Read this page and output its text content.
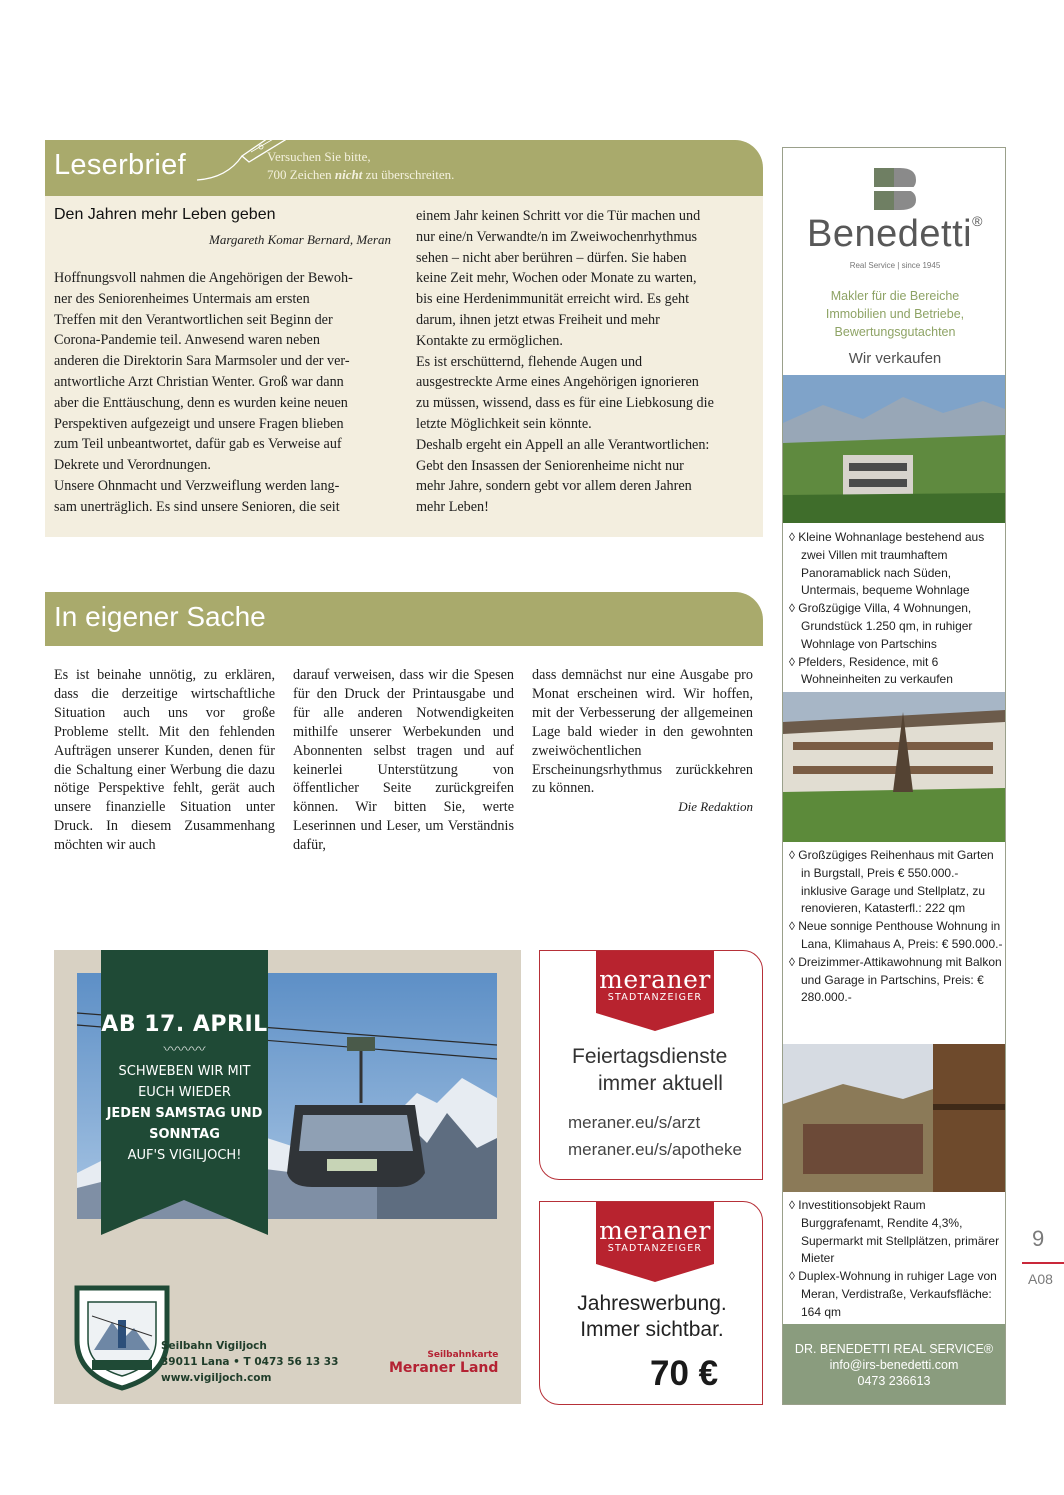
Leserbrief	Versuchen Sie bitte,
700 Zeichen nicht zu überschreiten.
Den Jahren mehr Leben geben
Margareth Komar Bernard, Meran
Hoffnungsvoll nahmen die Angehörigen der Bewoh-
ner des Seniorenheimes Untermais am ersten
Treffen mit den Verantwortlichen seit Beginn der
Corona-Pandemie teil. Anwesend waren neben
anderen die Direktorin Sara Marmsoler und der ver-
antwortliche Arzt Christian Wenter. Groß war dann
aber die Enttäuschung, denn es wurden keine neuen
Perspektiven aufgezeigt und unsere Fragen blieben
zum Teil unbeantwortet, dafür gab es Verweise auf
Dekrete und Verordnungen.
Unsere Ohnmacht und Verzweiflung werden lang-
sam unerträglich. Es sind unsere Senioren, die seit
einem Jahr keinen Schritt vor die Tür machen und
nur eine/n Verwandte/n im Zweiwochenrhythmus
sehen – nicht aber berühren – dürfen. Sie haben
keine Zeit mehr, Wochen oder Monate zu warten,
bis eine Herdenimmunität erreicht wird. Es geht
darum, ihnen jetzt etwas Freiheit und mehr
Kontakte zu ermöglichen.
Es ist erschütternd, flehende Augen und
ausgestreckte Arme eines Angehörigen ignorieren
zu müssen, wissend, dass es für eine Liebkosung die
letzte Möglichkeit sein könnte.
Deshalb ergeht ein Appell an alle Verantwortlichen:
Gebt den Insassen der Seniorenheime nicht nur
mehr Jahre, sondern gebt vor allem deren Jahren
mehr Leben!
In eigener Sache
Es ist beinahe unnötig, zu erklären, dass die derzeitige wirtschaftliche Situation auch uns vor große Probleme stellt. Mit den fehlenden Aufträgen unserer Kunden, denen für die Schaltung einer Werbung die dazu nötige Perspektive fehlt, gerät auch unsere finanzielle Situation unter Druck. In diesem Zusammenhang möchten wir auch
darauf verweisen, dass wir die Spesen für den Druck der Printausgabe und für alle anderen Notwendigkeiten mithilfe unserer Werbekunden und Abonnenten selbst tragen und auf keinerlei Unterstützung von öffentlicher Seite zurückgreifen können. Wir bitten Sie, werte Leserinnen und Leser, um Verständnis dafür,
dass demnächst nur eine Ausgabe pro Monat erscheinen wird. Wir hoffen, mit der Verbesserung der allgemeinen Lage bald wieder in den gewohnten zweiwöchentlichen Erscheinungsrhythmus zurückkehren zu können.
Die Redaktion
AB 17. APRIL
〰〰〰
SCHWEBEN WIR MIT
EUCH WIEDER
JEDEN SAMSTAG UND
SONNTAG
AUF'S VIGILJOCH!
Seilbahn Vigiljoch
39011 Lana • T 0473 56 13 33
www.vigiljoch.com
Seilbahnkarte
Meraner Land
meraner
STADTANZEIGER
Feiertagsdienste
immer aktuell
meraner.eu/s/arzt
meraner.eu/s/apotheke
meraner
STADTANZEIGER
Jahreswerbung.
Immer sichtbar.
70 €
Benedetti®
Real Service | since 1945
Makler für die Bereiche
Immobilien und Betriebe,
Bewertungsgutachten
Wir verkaufen
◊ Kleine Wohnanlage bestehend aus zwei Villen mit traumhaftem Panoramablick nach Süden, Untermais, bequeme Wohnlage
◊ Großzügige Villa, 4 Wohnungen, Grundstück 1.250 qm, in ruhiger Wohnlage von Partschins
◊ Pfelders, Residence, mit 6 Wohneinheiten zu verkaufen
◊ Großzügiges Reihenhaus mit Garten in Burgstall, Preis € 550.000.- inklusive Garage und Stellplatz, zu renovieren, Katasterfl.: 222 qm
◊ Neue sonnige Penthouse Wohnung in Lana, Klimahaus A, Preis: € 590.000.-
◊ Dreizimmer-Attikawohnung mit Balkon und Garage in Partschins, Preis: € 280.000.-
◊ Investitionsobjekt Raum Burggrafenamt, Rendite 4,3%, Supermarkt mit Stellplätzen, primärer Mieter
◊ Duplex-Wohnung in ruhiger Lage von Meran, Verdistraße, Verkaufsfläche: 164 qm
DR. BENEDETTI REAL SERVICE®
info@irs-benedetti.com
0473 236613
9
A08
